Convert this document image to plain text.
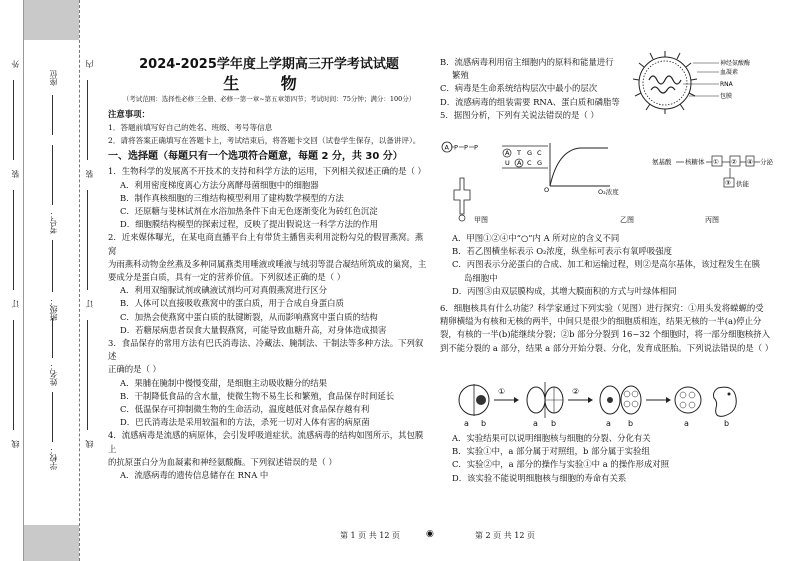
外
装
订
线
内
装
订
线
座位
考号：
班级：
姓名：
学校：
2024-2025学年度上学期高三开学考试试题
生 物
（考试范围：选择性必修三全册、必修一第一章~第五章第四节；考试时间：75分钟；满分：100分）
注意事项：
1．答题前填写好自己的姓名、班级、考号等信息
2．请将答案正确填写在答题卡上，考试结束后，将答题卡交回（试卷学生保存，以备讲评）。
一、选择题（每题只有一个选项符合题意，每题 2 分，共 30 分）
1．生物科学的发展离不开技术的支持和科学方法的运用，下列相关叙述正确的是（ ）
A．利用密度梯度离心方法分离酵母菌细胞中的细胞器
B．制作真核细胞的三维结构模型利用了建构数学模型的方法
C．还原糖与斐林试剂在水浴加热条件下由无色逐渐变化为砖红色沉淀
D．细胞膜结构模型的探索过程，反映了提出假说这一科学方法的作用
2．近来媒体曝光，在某电商直播平台上有带货主播售卖利用淀粉勾兑的假冒燕窝。燕窝
为雨燕科动物金丝燕及多种同属燕类用唾液或唾液与绒羽等混合凝结所筑成的巢窝，主
要成分是蛋白质，具有一定的营养价值。下列叙述正确的是（ ）
A．利用双缩脲试剂或碘液试剂均可对真假燕窝进行区分
B．人体可以直接吸收燕窝中的蛋白质，用于合成自身蛋白质
C．加热会使燕窝中蛋白质的肽键断裂，从而影响燕窝中蛋白质的结构
D．若糖尿病患者误食大量假燕窝，可能导致血糖升高，对身体造成损害
3．食品保存的常用方法有巴氏消毒法、冷藏法、腌制法、干制法等多种方法。下列叙述
正确的是（ ）
A．果脯在腌制中慢慢变甜，是细胞主动吸收糖分的结果
B．干制降低食品的含水量，使微生物不易生长和繁殖，食品保存时间延长
C．低温保存可抑制微生物的生命活动，温度越低对食品保存越有利
D．巴氏消毒法是采用较温和的方法，杀死一切对人体有害的病原菌
4．流感病毒是流感的病原体，会引发呼吸道症状。流感病毒的结构如图所示，其包膜上
的抗原蛋白分为血凝素和神经氨酸酶。下列叙述错误的是（ ）
A．流感病毒的遗传信息储存在 RNA 中
B．流感病毒利用宿主细胞内的原料和能量进行
繁殖
C．病毒是生命系统结构层次中最小的层次
D．流感病毒的组装需要 RNA、蛋白质和磷脂等
5．据图分析，下列有关说法错误的是（ ）
神经氨酸酶
血凝素
RNA
包膜
A P P P
A T G C
U A C G
甲图
O
乙图
氨基酸 核糖体 ① ② ④ 分泌
③ 供能
丙图
O₂浓度
A．甲图①②④中“○”内 A 所对应的含义不同
B．若乙图横坐标表示 O₂浓度，纵坐标可表示有氧呼吸强度
C．丙图表示分泌蛋白的合成、加工和运输过程，则②是高尔基体，该过程发生在胰
岛细胞中
D．丙图③由双层膜构成，其增大膜面积的方式与叶绿体相同
6．细胞核具有什么功能？科学家通过下列实验（见图）进行探究：①用头发将蝾螈的受
精卵横缢为有核和无核的两半，中间只是很少的细胞质相连，结果无核的一半(a)停止分
裂，有核的一半(b)能继续分裂；②b 部分分裂到 16~32 个细胞时，将一部分细胞核挤入
到不能分裂的 a 部分，结果 a 部分开始分裂、分化，发育成胚胎。下列说法错误的是（ ）
a b
①
a b
②
a b	a	b
A．实验结果可以说明细胞核与细胞的分裂、分化有关
B．实验①中，a 部分属于对照组，b 部分属于实验组
C．实验②中，a 部分的操作与实验①中 a 的操作形成对照
D．该实验不能说明细胞核与细胞的寿命有关系
第 1 页 共 12 页	◉	第 2 页 共 12 页
